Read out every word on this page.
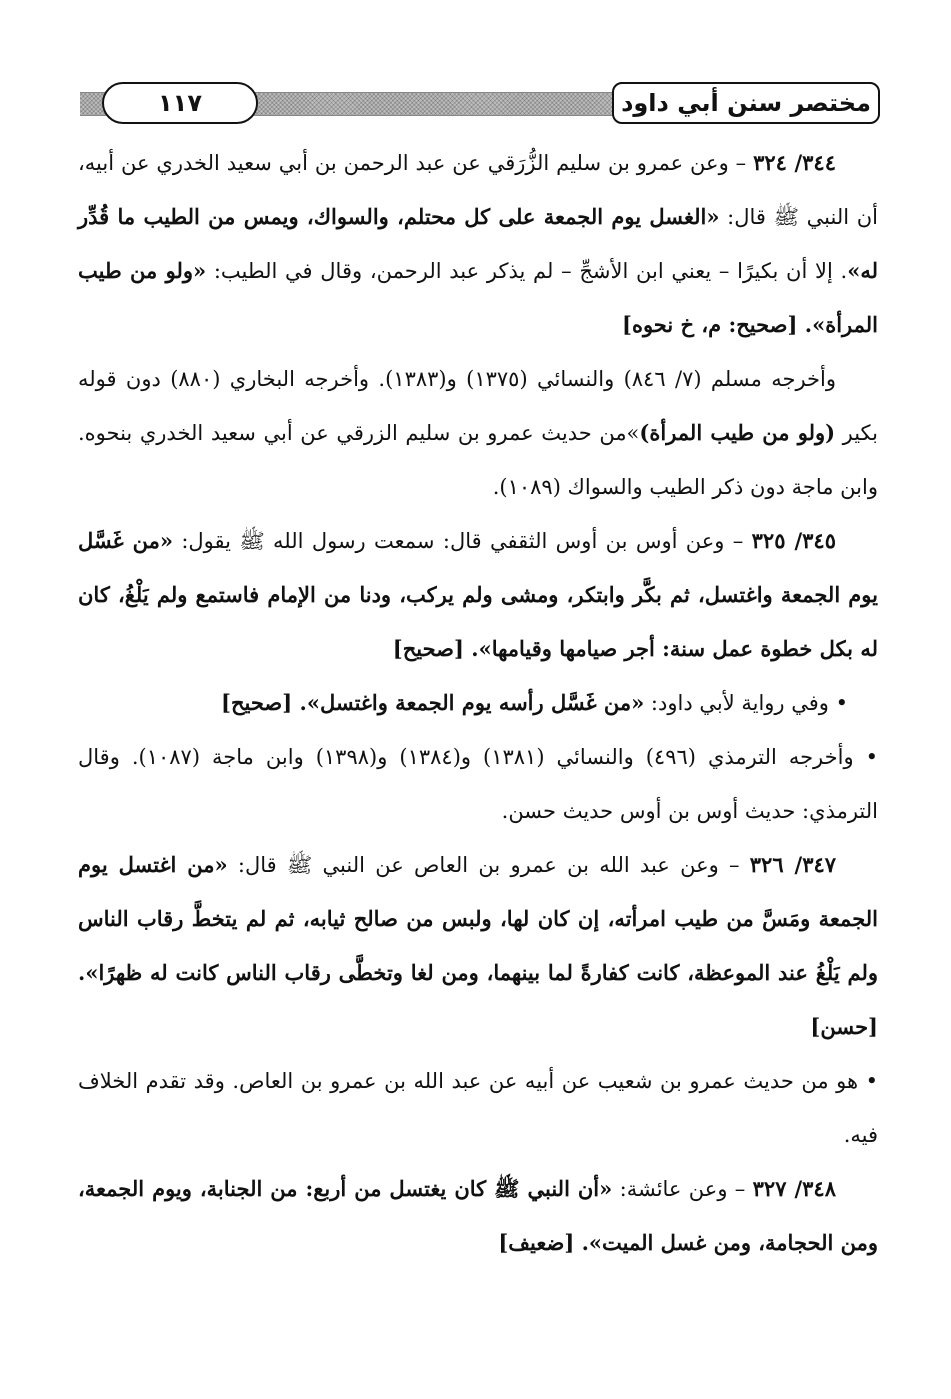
١١٧	مختصر سنن أبي داود

٣٤٤/ ٣٢٤ – وعن عمرو بن سليم الزُّرَقي عن عبد الرحمن بن أبي سعيد الخدري عن أبيه، أن النبي ﷺ قال: «الغسل يوم الجمعة على كل محتلم، والسواك، ويمس من الطيب ما قُدِّر له». إلا أن بكيرًا – يعني ابن الأشجِّ – لم يذكر عبد الرحمن، وقال في الطيب: «ولو من طيب المرأة». [صحيح: م، خ نحوه]

وأخرجه مسلم (٧/ ٨٤٦) والنسائي (١٣٧٥) و(١٣٨٣). وأخرجه البخاري (٨٨٠) دون قوله بكير (ولو من طيب المرأة)»من حديث عمرو بن سليم الزرقي عن أبي سعيد الخدري بنحوه. وابن ماجة دون ذكر الطيب والسواك (١٠٨٩).

٣٤٥/ ٣٢٥ – وعن أوس بن أوس الثقفي قال: سمعت رسول الله ﷺ يقول: «من غَسَّل يوم الجمعة واغتسل، ثم بكَّر وابتكر، ومشى ولم يركب، ودنا من الإمام فاستمع ولم يَلْغُ، كان له بكل خطوة عمل سنة: أجر صيامها وقيامها». [صحيح]

• وفي رواية لأبي داود: «من غَسَّل رأسه يوم الجمعة واغتسل». [صحيح]

• وأخرجه الترمذي (٤٩٦) والنسائي (١٣٨١) و(١٣٨٤) و(١٣٩٨) وابن ماجة (١٠٨٧). وقال الترمذي: حديث أوس بن أوس حديث حسن.

٣٤٧/ ٣٢٦ – وعن عبد الله بن عمرو بن العاص عن النبي ﷺ قال: «من اغتسل يوم الجمعة ومَسَّ من طيب امرأته، إن كان لها، ولبس من صالح ثيابه، ثم لم يتخطَّ رقاب الناس ولم يَلْغُ عند الموعظة، كانت كفارةً لما بينهما، ومن لغا وتخطَّى رقاب الناس كانت له ظهرًا». [حسن]

• هو من حديث عمرو بن شعيب عن أبيه عن عبد الله بن عمرو بن العاص. وقد تقدم الخلاف فيه.

٣٤٨/ ٣٢٧ – وعن عائشة: «أن النبي ﷺ كان يغتسل من أربع: من الجنابة، ويوم الجمعة، ومن الحجامة، ومن غسل الميت». [ضعيف]
